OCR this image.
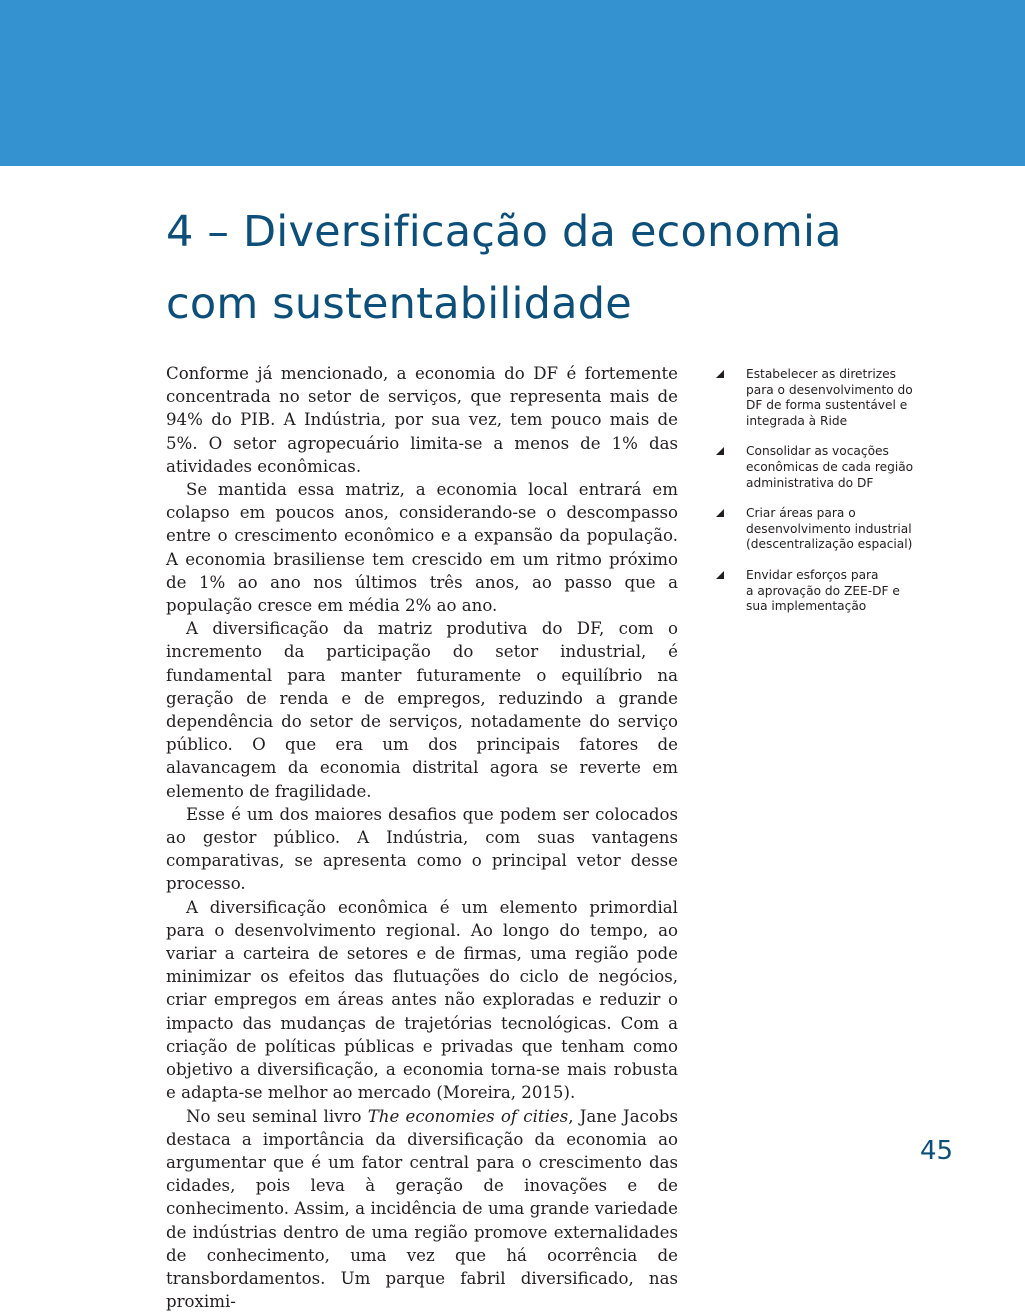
4 – Diversificação da economia
com sustentabilidade

Conforme já mencionado, a economia do DF é fortemente concentrada no setor de serviços, que representa mais de 94% do PIB. A Indústria, por sua vez, tem pouco mais de 5%. O setor agropecuário limita-se a menos de 1% das atividades econômicas.

Se mantida essa matriz, a economia local entrará em colapso em poucos anos, considerando-se o descompasso entre o crescimento econômico e a expansão da população. A economia brasiliense tem crescido em um ritmo próximo de 1% ao ano nos últimos três anos, ao passo que a população cresce em média 2% ao ano.

A diversificação da matriz produtiva do DF, com o incremento da participação do setor industrial, é fundamental para manter futuramente o equilíbrio na geração de renda e de empregos, reduzindo a grande dependência do setor de serviços, notadamente do serviço público. O que era um dos principais fatores de alavancagem da economia distrital agora se reverte em elemento de fragilidade.

Esse é um dos maiores desafios que podem ser colocados ao gestor público. A Indústria, com suas vantagens comparativas, se apresenta como o principal vetor desse processo.

A diversificação econômica é um elemento primordial para o desenvolvimento regional. Ao longo do tempo, ao variar a carteira de setores e de firmas, uma região pode minimizar os efeitos das flutuações do ciclo de negócios, criar empregos em áreas antes não exploradas e reduzir o impacto das mudanças de trajetórias tecnológicas. Com a criação de políticas públicas e privadas que tenham como objetivo a diversificação, a economia torna-se mais robusta e adapta-se melhor ao mercado (Moreira, 2015).

No seu seminal livro The economies of cities, Jane Jacobs destaca a importância da diversificação da economia ao argumentar que é um fator central para o crescimento das cidades, pois leva à geração de inovações e de conhecimento. Assim, a incidência de uma grande variedade de indústrias dentro de uma região promove externalidades de conhecimento, uma vez que há ocorrência de transbordamentos. Um parque fabril diversificado, nas proximi-

Estabelecer as diretrizes
para o desenvolvimento do
DF de forma sustentável e
integrada à Ride
Consolidar as vocações
econômicas de cada região
administrativa do DF
Criar áreas para o
desenvolvimento industrial
(descentralização espacial)
Envidar esforços para
a aprovação do ZEE-DF e
sua implementação
45
